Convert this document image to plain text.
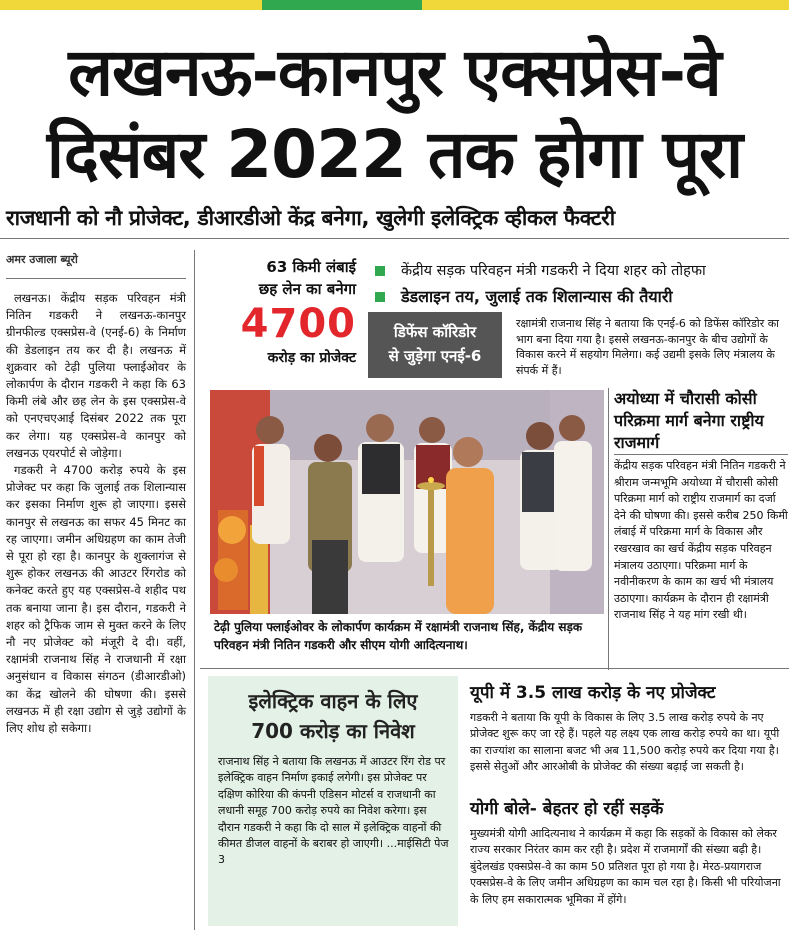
लखनऊ-कानपुर एक्सप्रेस-वे
दिसंबर 2022 तक होगा पूरा
राजधानी को नौ प्रोजेक्ट, डीआरडीओ केंद्र बनेगा, खुलेगी इलेक्ट्रिक व्हीकल फैक्टरी
अमर उजाला ब्यूरो

लखनऊ। केंद्रीय सड़क परिवहन मंत्री नितिन गडकरी ने लखनऊ-कानपुर ग्रीनफील्ड एक्सप्रेस-वे (एनई-6) के निर्माण की डेडलाइन तय कर दी है। लखनऊ में शुक्रवार को टेढ़ी पुलिया फ्लाईओवर के लोकार्पण के दौरान गडकरी ने कहा कि 63 किमी लंबे और छह लेन के इस एक्सप्रेस-वे को एनएचएआई दिसंबर 2022 तक पूरा कर लेगा। यह एक्सप्रेस-वे कानपुर को लखनऊ एयरपोर्ट से जोड़ेगा।

गडकरी ने 4700 करोड़ रुपये के इस प्रोजेक्ट पर कहा कि जुलाई तक शिलान्यास कर इसका निर्माण शुरू हो जाएगा। इससे कानपुर से लखनऊ का सफर 45 मिनट का रह जाएगा। जमीन अधिग्रहण का काम तेजी से पूरा हो रहा है। कानपुर के शुक्लागंज से शुरू होकर लखनऊ की आउटर रिंगरोड को कनेक्ट करते हुए यह एक्सप्रेस-वे शहीद पथ तक बनाया जाना है। इस दौरान, गडकरी ने शहर को ट्रैफिक जाम से मुक्त करने के लिए नौ नए प्रोजेक्ट को मंजूरी दे दी। वहीं, रक्षामंत्री राजनाथ सिंह ने राजधानी में रक्षा अनुसंधान व विकास संगठन (डीआरडीओ) का केंद्र खोलने की घोषणा की। इससे लखनऊ में ही रक्षा उद्योग से जुड़े उद्योगों के लिए शोध हो सकेगा।

63 किमी लंबाई
छह लेन का बनेगा
4700
करोड़ का प्रोजेक्ट
केंद्रीय सड़क परिवहन मंत्री गडकरी ने दिया शहर को तोहफा
डेडलाइन तय, जुलाई तक शिलान्यास की तैयारी
डिफेंस कॉरिडोर
से जुड़ेगा एनई-6
रक्षामंत्री राजनाथ सिंह ने बताया कि एनई-6 को डिफेंस कॉरिडोर का भाग बना दिया गया है। इससे लखनऊ-कानपुर के बीच उद्योगों के विकास करने में सहयोग मिलेगा। कई उद्यमी इसके लिए मंत्रालय के संपर्क में हैं।
टेढ़ी पुलिया फ्लाईओवर के लोकार्पण कार्यक्रम में रक्षामंत्री राजनाथ सिंह, केंद्रीय सड़क परिवहन मंत्री नितिन गडकरी और सीएम योगी आदित्यनाथ।
अयोध्या में चौरासी कोसी परिक्रमा मार्ग बनेगा राष्ट्रीय राजमार्ग
केंद्रीय सड़क परिवहन मंत्री नितिन गडकरी ने श्रीराम जन्मभूमि अयोध्या में चौरासी कोसी परिक्रमा मार्ग को राष्ट्रीय राजमार्ग का दर्जा देने की घोषणा की। इससे करीब 250 किमी लंबाई में परिक्रमा मार्ग के विकास और रखरखाव का खर्च केंद्रीय सड़क परिवहन मंत्रालय उठाएगा। परिक्रमा मार्ग के नवीनीकरण के काम का खर्च भी मंत्रालय उठाएगा। कार्यक्रम के दौरान ही रक्षामंत्री राजनाथ सिंह ने यह मांग रखी थी।
इलेक्ट्रिक वाहन के लिए
700 करोड़ का निवेश
राजनाथ सिंह ने बताया कि लखनऊ में आउटर रिंग रोड पर इलेक्ट्रिक वाहन निर्माण इकाई लगेगी। इस प्रोजेक्ट पर दक्षिण कोरिया की कंपनी एडिसन मोटर्स व राजधानी का लधानी समूह 700 करोड़ रुपये का निवेश करेगा। इस दौरान गडकरी ने कहा कि दो साल में इलेक्ट्रिक वाहनों की कीमत डीजल वाहनों के बराबर हो जाएगी। ...माईसिटी पेज 3
यूपी में 3.5 लाख करोड़ के नए प्रोजेक्ट
गडकरी ने बताया कि यूपी के विकास के लिए 3.5 लाख करोड़ रुपये के नए प्रोजेक्ट शुरू कए जा रहे हैं। पहले यह लक्ष्य एक लाख करोड़ रुपये का था। यूपी का राज्यांश का सालाना बजट भी अब 11,500 करोड़ रुपये कर दिया गया है। इससे सेतुओं और आरओबी के प्रोजेक्ट की संख्या बढ़ाई जा सकती है।
योगी बोले- बेहतर हो रहीं सड़कें
मुख्यमंत्री योगी आदित्यनाथ ने कार्यक्रम में कहा कि सड़कों के विकास को लेकर राज्य सरकार निरंतर काम कर रही है। प्रदेश में राजमार्गों की संख्या बढ़ी है। बुंदेलखंड एक्सप्रेस-वे का काम 50 प्रतिशत पूरा हो गया है। मेरठ-प्रयागराज एक्सप्रेस-वे के लिए जमीन अधिग्रहण का काम चल रहा है। किसी भी परियोजना के लिए हम सकारात्मक भूमिका में होंगे।
